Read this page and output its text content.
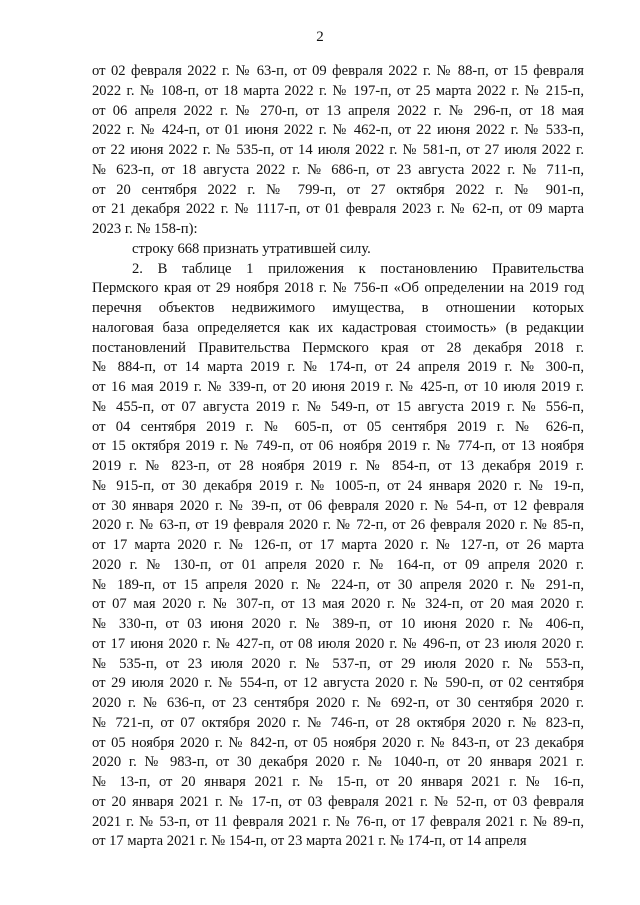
2
от 02 февраля 2022 г. № 63-п, от 09 февраля 2022 г. № 88-п, от 15 февраля
2022 г. № 108-п, от 18 марта 2022 г. № 197-п, от 25 марта 2022 г. № 215-п,
от 06 апреля 2022 г. № 270-п, от 13 апреля 2022 г. № 296-п, от 18 мая
2022 г. № 424-п, от 01 июня 2022 г. № 462-п, от 22 июня 2022 г. № 533-п,
от 22 июня 2022 г. № 535-п, от 14 июля 2022 г. № 581-п, от 27 июля 2022 г.
№ 623-п, от 18 августа 2022 г. № 686-п, от 23 августа 2022 г. № 711-п,
от 20 сентября 2022 г. № 799-п, от 27 октября 2022 г. № 901-п,
от 21 декабря 2022 г. № 1117-п, от 01 февраля 2023 г. № 62-п, от 09 марта
2023 г. № 158-п):
строку 668 признать утратившей силу.
2. В таблице 1 приложения к постановлению Правительства
Пермского края от 29 ноября 2018 г. № 756-п «Об определении на 2019 год
перечня объектов недвижимого имущества, в отношении которых
налоговая база определяется как их кадастровая стоимость» (в редакции
постановлений Правительства Пермского края от 28 декабря 2018 г.
№ 884-п, от 14 марта 2019 г. № 174-п, от 24 апреля 2019 г. № 300-п,
от 16 мая 2019 г. № 339-п, от 20 июня 2019 г. № 425-п, от 10 июля 2019 г.
№ 455-п, от 07 августа 2019 г. № 549-п, от 15 августа 2019 г. № 556-п,
от 04 сентября 2019 г. № 605-п, от 05 сентября 2019 г. № 626-п,
от 15 октября 2019 г. № 749-п, от 06 ноября 2019 г. № 774-п, от 13 ноября
2019 г. № 823-п, от 28 ноября 2019 г. № 854-п, от 13 декабря 2019 г.
№ 915-п, от 30 декабря 2019 г. № 1005-п, от 24 января 2020 г. № 19-п,
от 30 января 2020 г. № 39-п, от 06 февраля 2020 г. № 54-п, от 12 февраля
2020 г. № 63-п, от 19 февраля 2020 г. № 72-п, от 26 февраля 2020 г. № 85-п,
от 17 марта 2020 г. № 126-п, от 17 марта 2020 г. № 127-п, от 26 марта
2020 г. № 130-п, от 01 апреля 2020 г. № 164-п, от 09 апреля 2020 г.
№ 189-п, от 15 апреля 2020 г. № 224-п, от 30 апреля 2020 г. № 291-п,
от 07 мая 2020 г. № 307-п, от 13 мая 2020 г. № 324-п, от 20 мая 2020 г.
№ 330-п, от 03 июня 2020 г. № 389-п, от 10 июня 2020 г. № 406-п,
от 17 июня 2020 г. № 427-п, от 08 июля 2020 г. № 496-п, от 23 июля 2020 г.
№ 535-п, от 23 июля 2020 г. № 537-п, от 29 июля 2020 г. № 553-п,
от 29 июля 2020 г. № 554-п, от 12 августа 2020 г. № 590-п, от 02 сентября
2020 г. № 636-п, от 23 сентября 2020 г. № 692-п, от 30 сентября 2020 г.
№ 721-п, от 07 октября 2020 г. № 746-п, от 28 октября 2020 г. № 823-п,
от 05 ноября 2020 г. № 842-п, от 05 ноября 2020 г. № 843-п, от 23 декабря
2020 г. № 983-п, от 30 декабря 2020 г. № 1040-п, от 20 января 2021 г.
№ 13-п, от 20 января 2021 г. № 15-п, от 20 января 2021 г. № 16-п,
от 20 января 2021 г. № 17-п, от 03 февраля 2021 г. № 52-п, от 03 февраля
2021 г. № 53-п, от 11 февраля 2021 г. № 76-п, от 17 февраля 2021 г. № 89-п,
от 17 марта 2021 г. № 154-п, от 23 марта 2021 г. № 174-п, от 14 апреля
